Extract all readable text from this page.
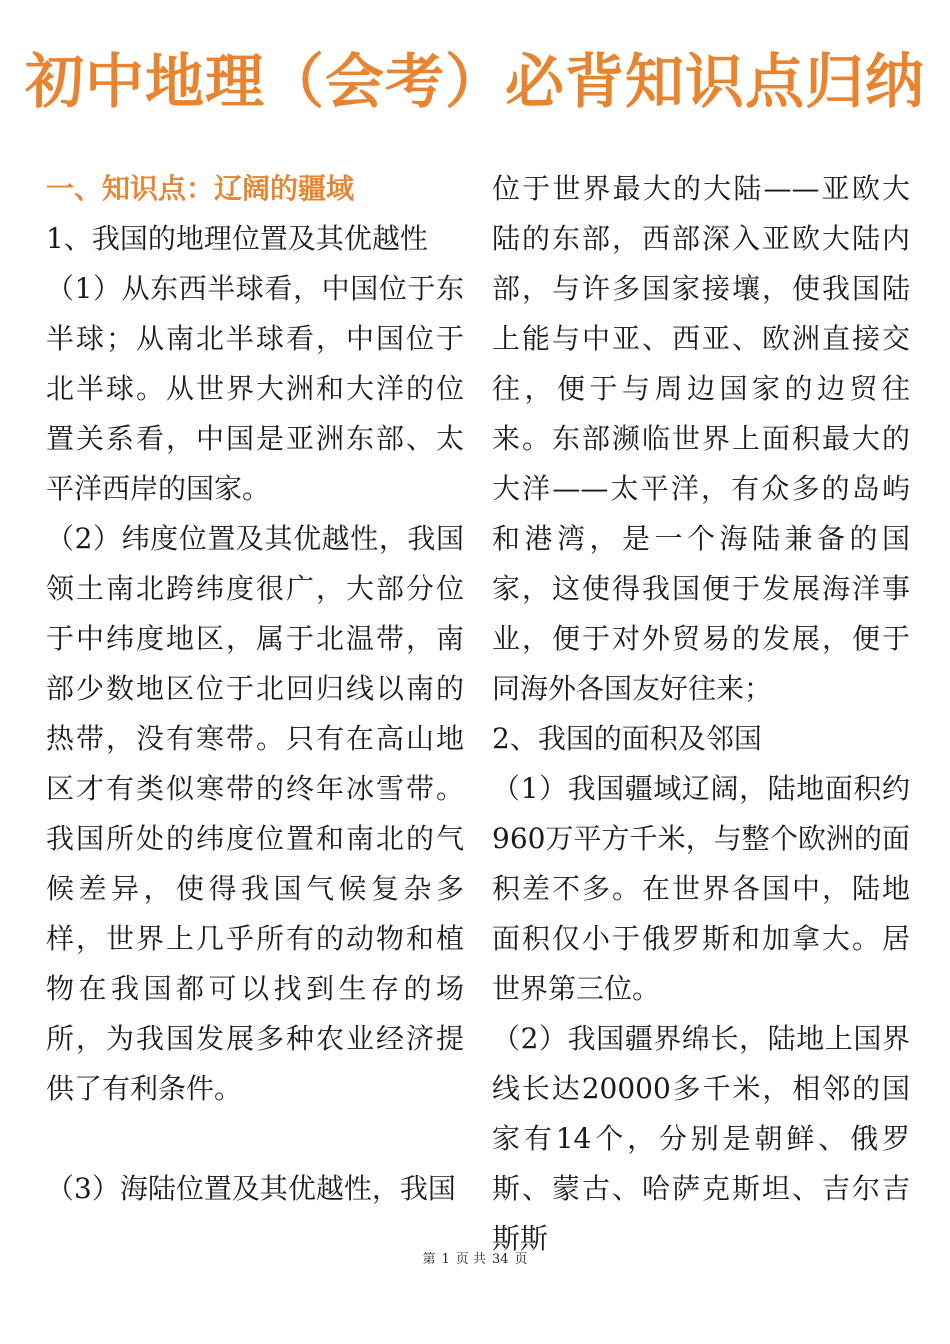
初中地理（会考）必背知识点归纳

一、知识点：辽阔的疆域

1、我国的地理位置及其优越性

（1）从东西半球看，中国位于东半球；从南北半球看，中国位于北半球。从世界大洲和大洋的位置关系看，中国是亚洲东部、太平洋西岸的国家。

（2）纬度位置及其优越性，我国领土南北跨纬度很广，大部分位于中纬度地区，属于北温带，南部少数地区位于北回归线以南的热带，没有寒带。只有在高山地区才有类似寒带的终年冰雪带。我国所处的纬度位置和南北的气候差异，使得我国气候复杂多样，世界上几乎所有的动物和植物在我国都可以找到生存的场所，为我国发展多种农业经济提供了有利条件。

（3）海陆位置及其优越性，我国

位于世界最大的大陆——亚欧大陆的东部，西部深入亚欧大陆内部，与许多国家接壤，使我国陆上能与中亚、西亚、欧洲直接交往，便于与周边国家的边贸往来。东部濒临世界上面积最大的大洋——太平洋，有众多的岛屿和港湾，是一个海陆兼备的国家，这使得我国便于发展海洋事业，便于对外贸易的发展，便于同海外各国友好往来；

2、我国的面积及邻国

（1）我国疆域辽阔，陆地面积约960万平方千米，与整个欧洲的面积差不多。在世界各国中，陆地面积仅小于俄罗斯和加拿大。居世界第三位。

（2）我国疆界绵长，陆地上国界线长达20000多千米，相邻的国家有14个，分别是朝鲜、俄罗斯、蒙古、哈萨克斯坦、吉尔吉斯斯

第 1 页 共 34 页
